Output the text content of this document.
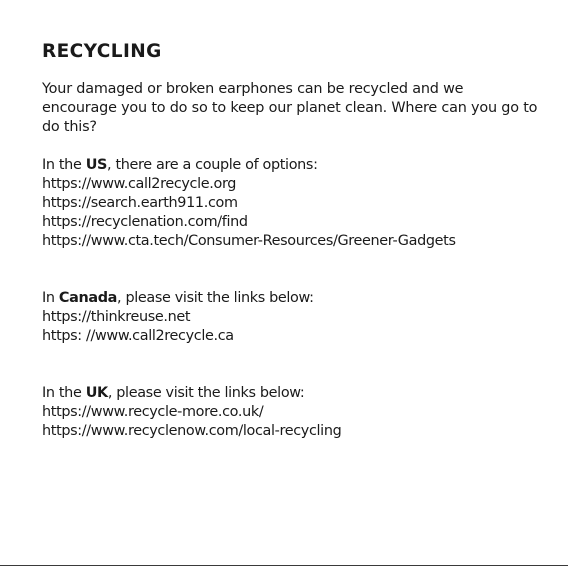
RECYCLING

Your damaged or broken earphones can be recycled and we encourage you to do so to keep our planet clean. Where can you go to do this?

In the US, there are a couple of options:
https://www.call2recycle.org
https://search.earth911.com
https://recyclenation.com/find
https://www.cta.tech/Consumer-Resources/Greener-Gadgets
In Canada, please visit the links below:
https://thinkreuse.net
https: //www.call2recycle.ca
In the UK, please visit the links below:
https://www.recycle-more.co.uk/
https://www.recyclenow.com/local-recycling
